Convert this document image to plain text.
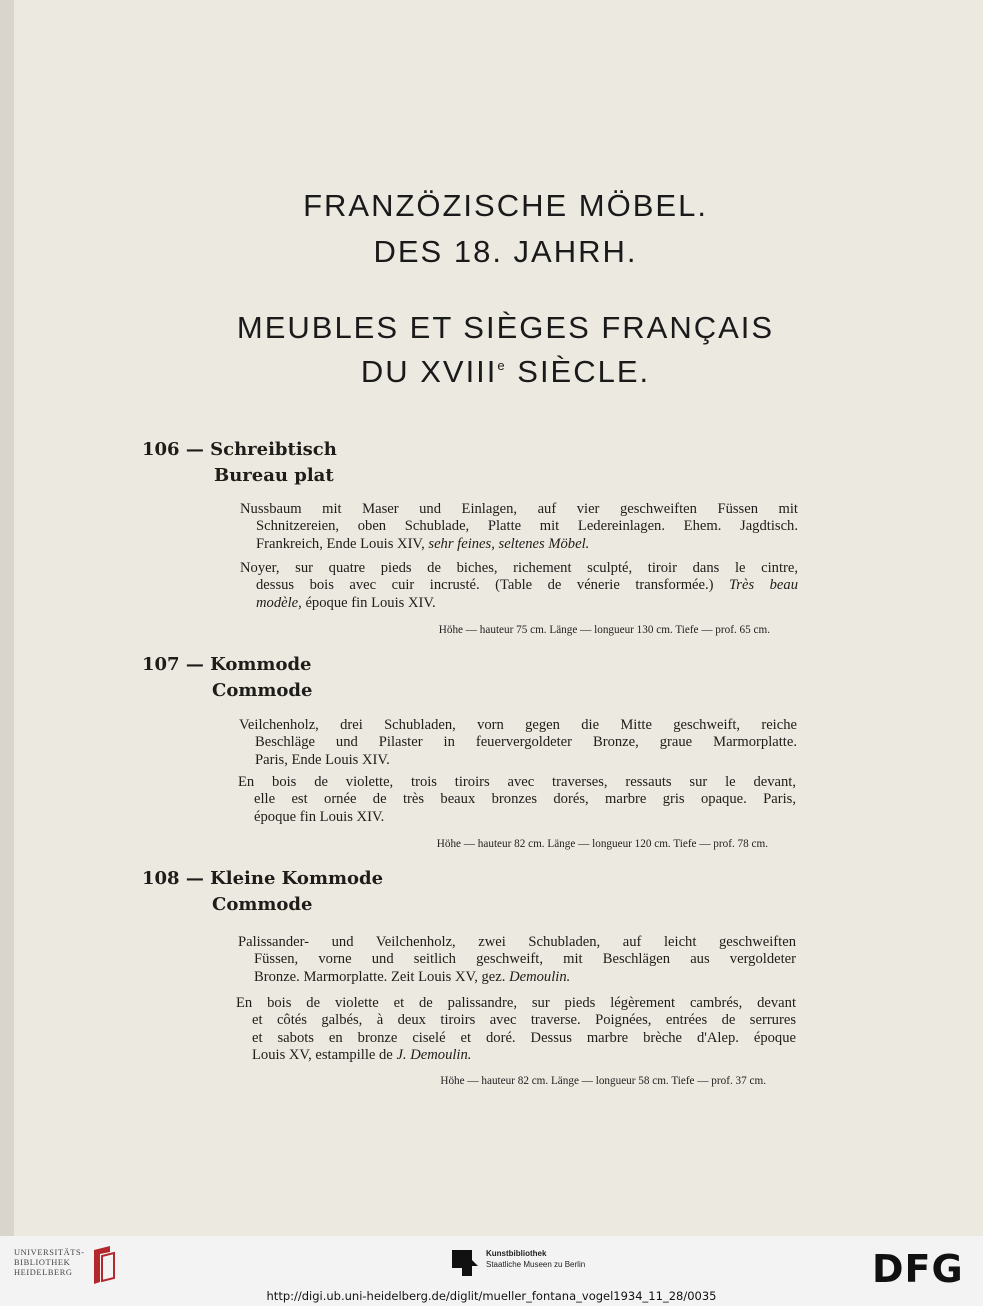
FRANZÖZISCHE MÖBEL.
DES 18. JAHRH.
MEUBLES ET SIÈGES FRANÇAIS
DU XVIIIe SIÈCLE.
106 — Schreibtisch
Bureau plat
Nussbaum mit Maser und Einlagen, auf vier geschweiften Füssen mit
Schnitzereien, oben Schublade, Platte mit Ledereinlagen. Ehem. Jagdtisch.
Frankreich, Ende Louis XIV, sehr feines, seltenes Möbel.
Noyer, sur quatre pieds de biches, richement sculpté, tiroir dans le cintre,
dessus bois avec cuir incrusté. (Table de vénerie transformée.) Très beau
modèle, époque fin Louis XIV.
Höhe — hauteur 75 cm. Länge — longueur 130 cm. Tiefe — prof. 65 cm.
107 — Kommode
Commode
Veilchenholz, drei Schubladen, vorn gegen die Mitte geschweift, reiche
Beschläge und Pilaster in feuervergoldeter Bronze, graue Marmorplatte.
Paris, Ende Louis XIV.
En bois de violette, trois tiroirs avec traverses, ressauts sur le devant,
elle est ornée de très beaux bronzes dorés, marbre gris opaque. Paris,
époque fin Louis XIV.
Höhe — hauteur 82 cm. Länge — longueur 120 cm. Tiefe — prof. 78 cm.
108 — Kleine Kommode
Commode
Palissander- und Veilchenholz, zwei Schubladen, auf leicht geschweiften
Füssen, vorne und seitlich geschweift, mit Beschlägen aus vergoldeter
Bronze. Marmorplatte. Zeit Louis XV, gez. Demoulin.
En bois de violette et de palissandre, sur pieds légèrement cambrés, devant
et côtés galbés, à deux tiroirs avec traverse. Poignées, entrées de serrures
et sabots en bronze ciselé et doré. Dessus marbre brèche d'Alep. époque
Louis XV, estampille de J. Demoulin.
Höhe — hauteur 82 cm. Länge — longueur 58 cm. Tiefe — prof. 37 cm.
UNIVERSITÄTS-
BIBLIOTHEK
HEIDELBERG
Kunstbibliothek
Staatliche Museen zu Berlin	DFG
http://digi.ub.uni-heidelberg.de/diglit/mueller_fontana_vogel1934_11_28/0035
